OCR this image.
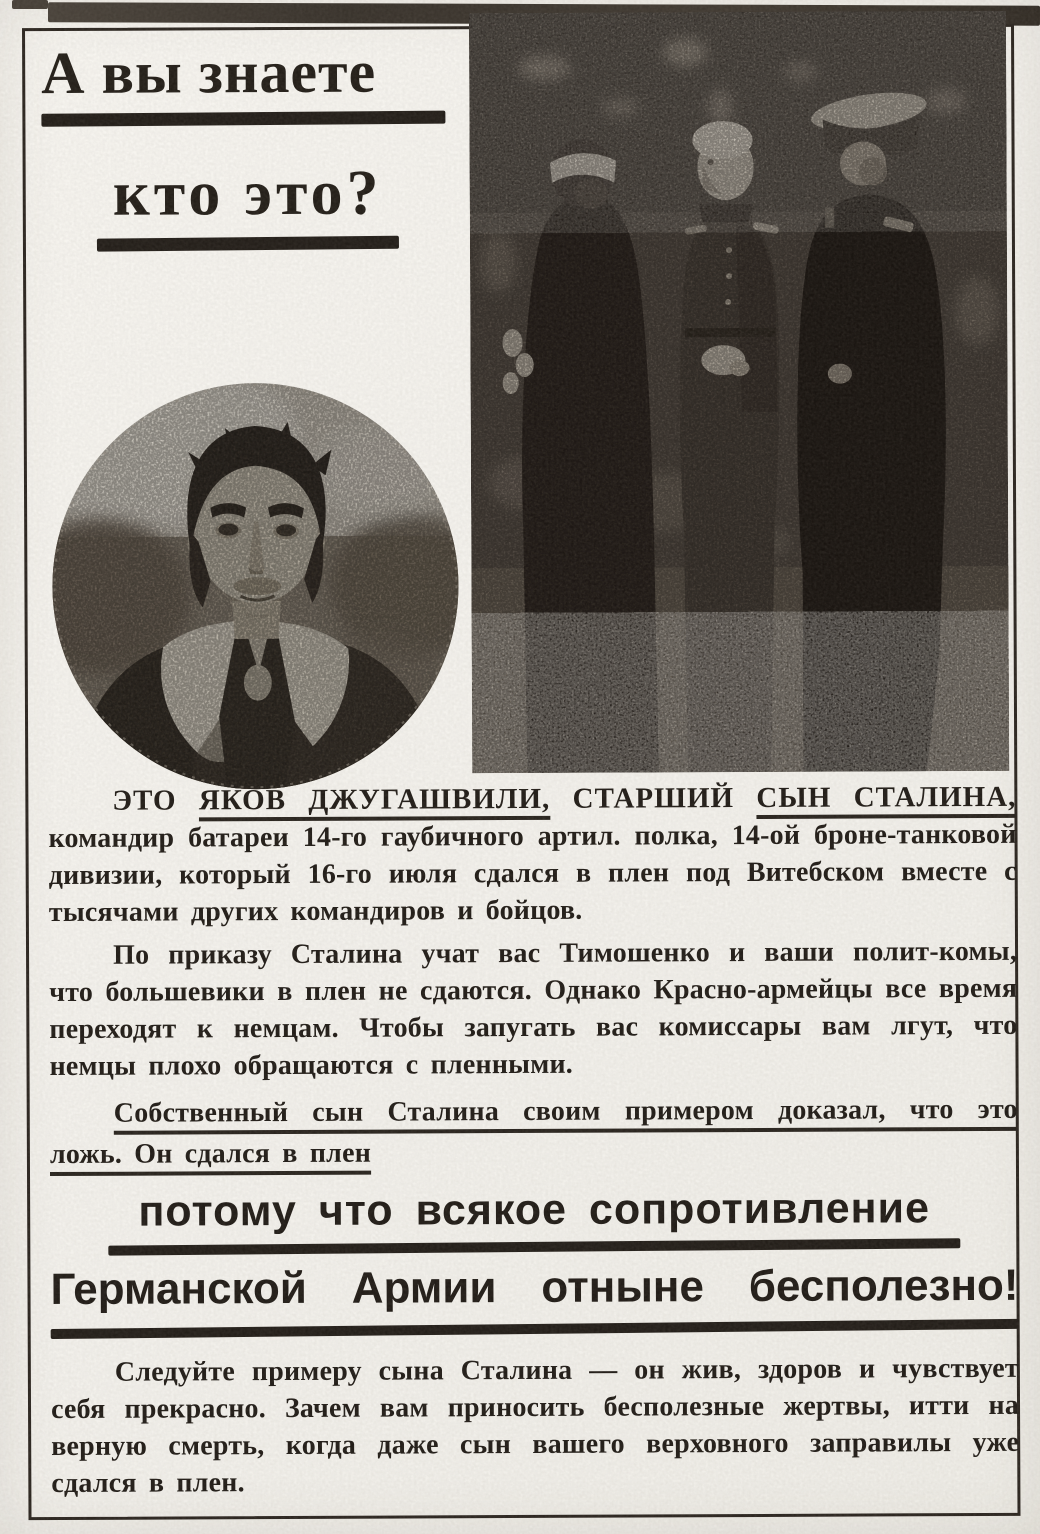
А вы знаете
кто это?

ЭТО ЯКОВ ДЖУГАШВИЛИ, СТАРШИЙ СЫН СТАЛИНА, командир батареи 14-го гаубичного артил. полка, 14-ой броне-танковой дивизии, который 16-го июля сдался в плен под Витебском вместе с тысячами других командиров и бойцов.

По приказу Сталина учат вас Тимошенко и ваши полит-комы, что большевики в плен не сдаются. Однако Красно-армейцы все время переходят к немцам. Чтобы запугать вас комиссары вам лгут, что немцы плохо обращаются с пленными.

Собственный сын Сталина своим примером доказал, что это ложь. Он сдался в плен

потому что всякое сопротивление
Германской Армии отныне бесполезно!

Следуйте примеру сына Сталина — он жив, здоров и чувствует себя прекрасно. Зачем вам приносить бесполезные жертвы, итти на верную смерть, когда даже сын вашего верховного заправилы уже сдался в плен.
